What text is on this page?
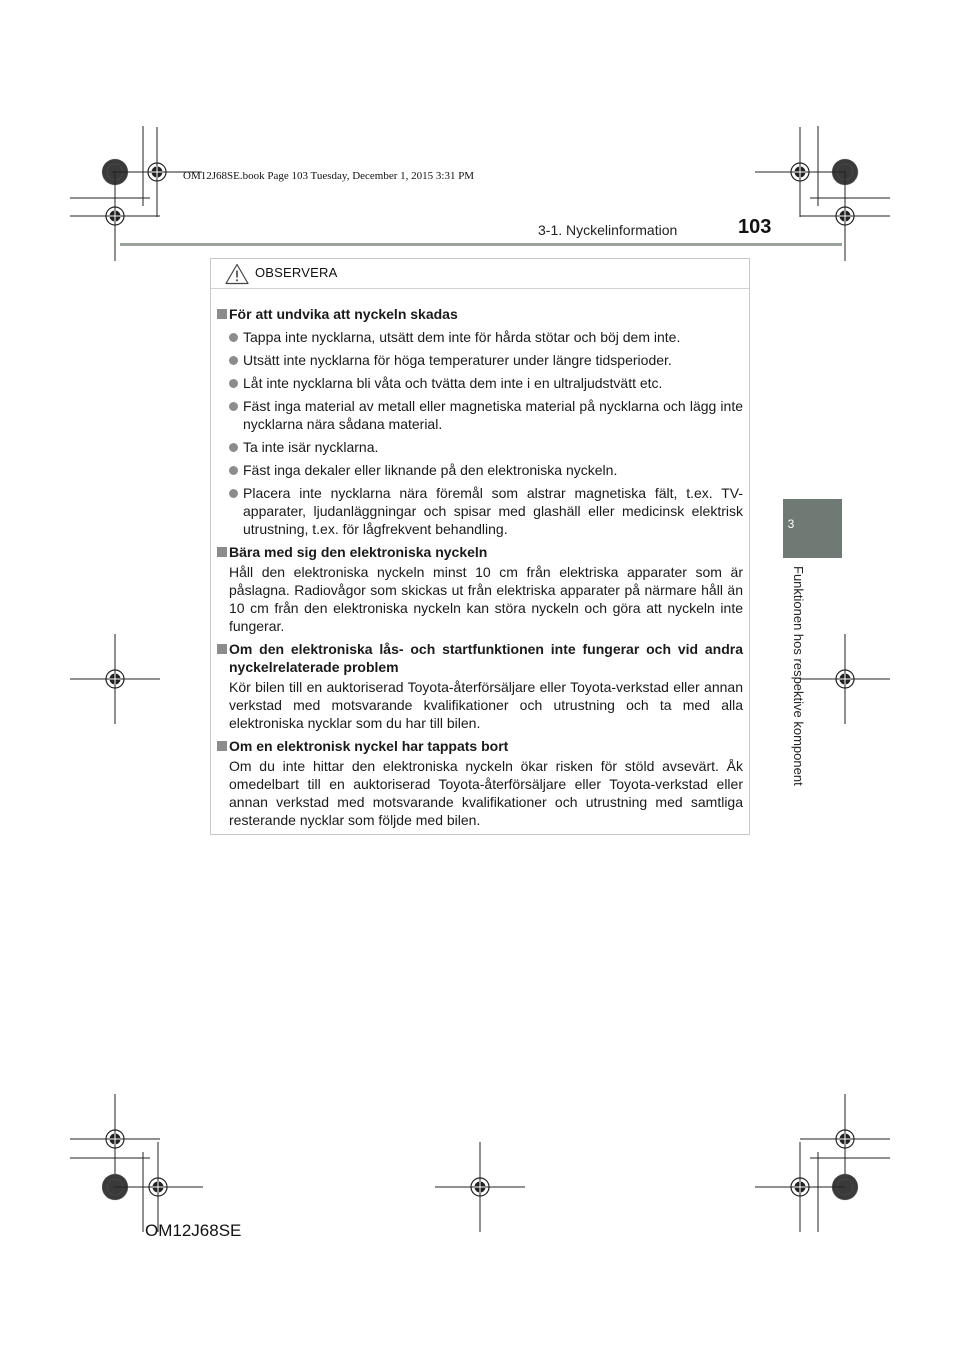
OM12J68SE.book Page 103 Tuesday, December 1, 2015 3:31 PM
3-1. Nyckelinformation	103
3
Funktionen hos respektive komponent
OBSERVERA
För att undvika att nyckeln skadas
Tappa inte nycklarna, utsätt dem inte för hårda stötar och böj dem inte.
Utsätt inte nycklarna för höga temperaturer under längre tidsperioder.
Låt inte nycklarna bli våta och tvätta dem inte i en ultraljudstvätt etc.
Fäst inga material av metall eller magnetiska material på nycklarna och lägg inte nycklarna nära sådana material.
Ta inte isär nycklarna.
Fäst inga dekaler eller liknande på den elektroniska nyckeln.
Placera inte nycklarna nära föremål som alstrar magnetiska fält, t.ex. TV-apparater, ljudanläggningar och spisar med glashäll eller medicinsk elektrisk utrustning, t.ex. för lågfrekvent behandling.
Bära med sig den elektroniska nyckeln
Håll den elektroniska nyckeln minst 10 cm från elektriska apparater som är påslagna. Radiovågor som skickas ut från elektriska apparater på närmare håll än 10 cm från den elektroniska nyckeln kan störa nyckeln och göra att nyckeln inte fungerar.
Om den elektroniska lås- och startfunktionen inte fungerar och vid andra nyckelrelaterade problem
Kör bilen till en auktoriserad Toyota-återförsäljare eller Toyota-verkstad eller annan verkstad med motsvarande kvalifikationer och utrustning och ta med alla elektroniska nycklar som du har till bilen.
Om en elektronisk nyckel har tappats bort
Om du inte hittar den elektroniska nyckeln ökar risken för stöld avsevärt. Åk omedelbart till en auktoriserad Toyota-återförsäljare eller Toyota-verkstad eller annan verkstad med motsvarande kvalifikationer och utrustning med samtliga resterande nycklar som följde med bilen.
OM12J68SE
